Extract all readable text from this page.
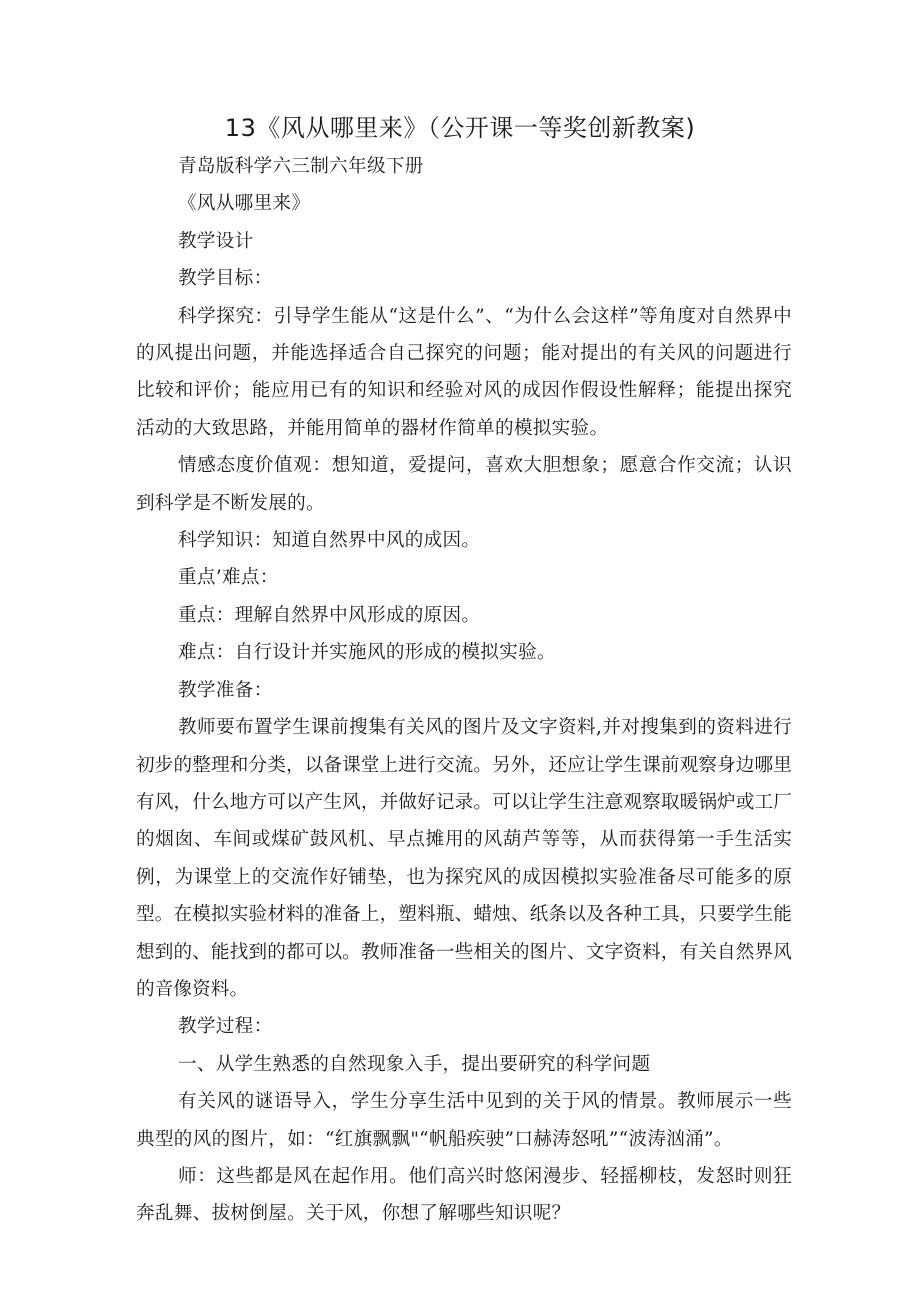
13《风从哪里来》（公开课一等奖创新教案)

青岛版科学六三制六年级下册

《风从哪里来》

教学设计

教学目标：

科学探究：引导学生能从“这是什么”、“为什么会这样”等角度对自然界中的风提出问题，并能选择适合自己探究的问题；能对提出的有关风的问题进行比较和评价；能应用已有的知识和经验对风的成因作假设性解释；能提出探究活动的大致思路，并能用简单的器材作简单的模拟实验。

情感态度价值观：想知道，爱提问，喜欢大胆想象；愿意合作交流；认识到科学是不断发展的。

科学知识：知道自然界中风的成因。

重点’难点：

重点：理解自然界中风形成的原因。

难点：自行设计并实施风的形成的模拟实验。

教学准备：

教师要布置学生课前搜集有关风的图片及文字资料,并对搜集到的资料进行初步的整理和分类，以备课堂上进行交流。另外，还应让学生课前观察身边哪里有风，什么地方可以产生风，并做好记录。可以让学生注意观察取暖锅炉或工厂的烟囱、车间或煤矿鼓风机、早点摊用的风葫芦等等，从而获得第一手生活实例，为课堂上的交流作好铺垫，也为探究风的成因模拟实验准备尽可能多的原型。在模拟实验材料的准备上，塑料瓶、蜡烛、纸条以及各种工具，只要学生能想到的、能找到的都可以。教师准备一些相关的图片、文字资料，有关自然界风的音像资料。

教学过程：

一、从学生熟悉的自然现象入手，提出要研究的科学问题

有关风的谜语导入，学生分享生活中见到的关于风的情景。教师展示一些典型的风的图片，如：“红旗飘飘"“帆船疾驶”口赫涛怒吼”“波涛汹涌”。

师：这些都是风在起作用。他们高兴时悠闲漫步、轻摇柳枝，发怒时则狂奔乱舞、拔树倒屋。关于风，你想了解哪些知识呢？
